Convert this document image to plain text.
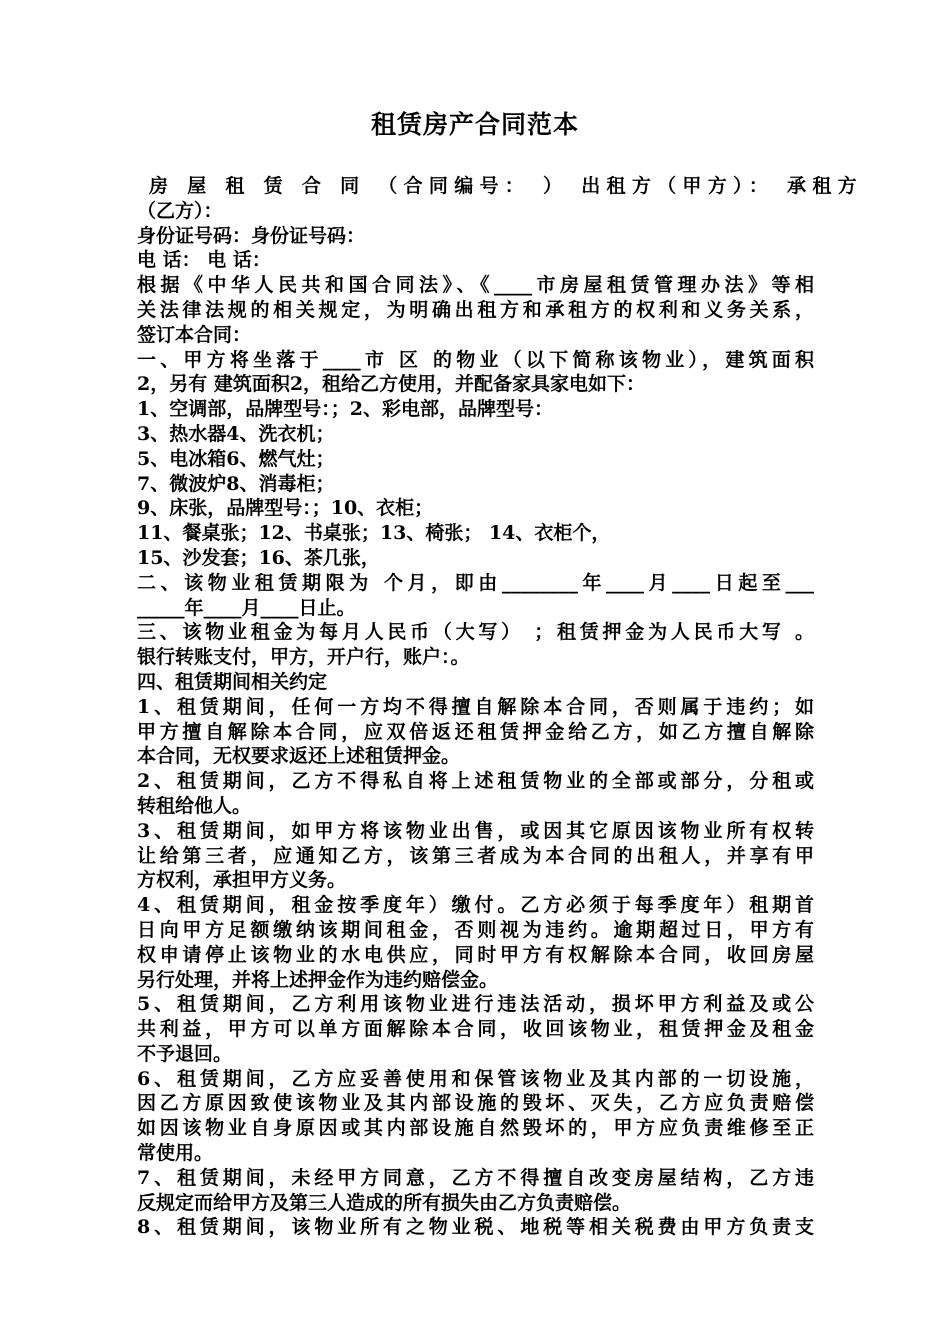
租赁房产合同范本
房 屋 租 赁 合 同 （合同编号： ） 出租方（甲方）： 承租方
（乙方）：
身份证号码：身份证号码：
电 话： 电 话：
根据《中华人民共和国合同法》、《____市房屋租赁管理办法》等相
关法律法规的相关规定，为明确出租方和承租方的权利和义务关系，
签订本合同：
一、甲方将坐落于____市 区 的物业（以下简称该物业），建筑面积
2，另有 建筑面积2，租给乙方使用，并配备家具家电如下：
1、空调部，品牌型号：；2、彩电部，品牌型号：
3、热水器4、洗衣机；
5、电冰箱6、燃气灶；
7、微波炉8、消毒柜；
9、床张，品牌型号：；10、衣柜；
11、餐桌张；12、书桌张；13、椅张； 14、衣柜个，
15、沙发套；16、茶几张，
二、该物业租赁期限为 个月，即由________年____月____日起至___
_____年____月____日止。
三、该物业租金为每月人民币（大写） ；租赁押金为人民币大写 。
银行转账支付，甲方，开户行，账户：。
四、租赁期间相关约定
1、租赁期间，任何一方均不得擅自解除本合同，否则属于违约；如
甲方擅自解除本合同，应双倍返还租赁押金给乙方，如乙方擅自解除
本合同，无权要求返还上述租赁押金。
2、租赁期间，乙方不得私自将上述租赁物业的全部或部分，分租或
转租给他人。
3、租赁期间，如甲方将该物业出售，或因其它原因该物业所有权转
让给第三者，应通知乙方，该第三者成为本合同的出租人，并享有甲
方权利，承担甲方义务。
4、租赁期间，租金按季度年）缴付。乙方必须于每季度年）租期首
日向甲方足额缴纳该期间租金，否则视为违约。逾期超过日，甲方有
权申请停止该物业的水电供应，同时甲方有权解除本合同，收回房屋
另行处理，并将上述押金作为违约赔偿金。
5、租赁期间，乙方利用该物业进行违法活动，损坏甲方利益及或公
共利益，甲方可以单方面解除本合同，收回该物业，租赁押金及租金
不予退回。
6、租赁期间，乙方应妥善使用和保管该物业及其内部的一切设施，
因乙方原因致使该物业及其内部设施的毁坏、灭失，乙方应负责赔偿
如因该物业自身原因或其内部设施自然毁坏的，甲方应负责维修至正
常使用。
7、租赁期间，未经甲方同意，乙方不得擅自改变房屋结构，乙方违
反规定而给甲方及第三人造成的所有损失由乙方负责赔偿。
8、租赁期间，该物业所有之物业税、地税等相关税费由甲方负责支
